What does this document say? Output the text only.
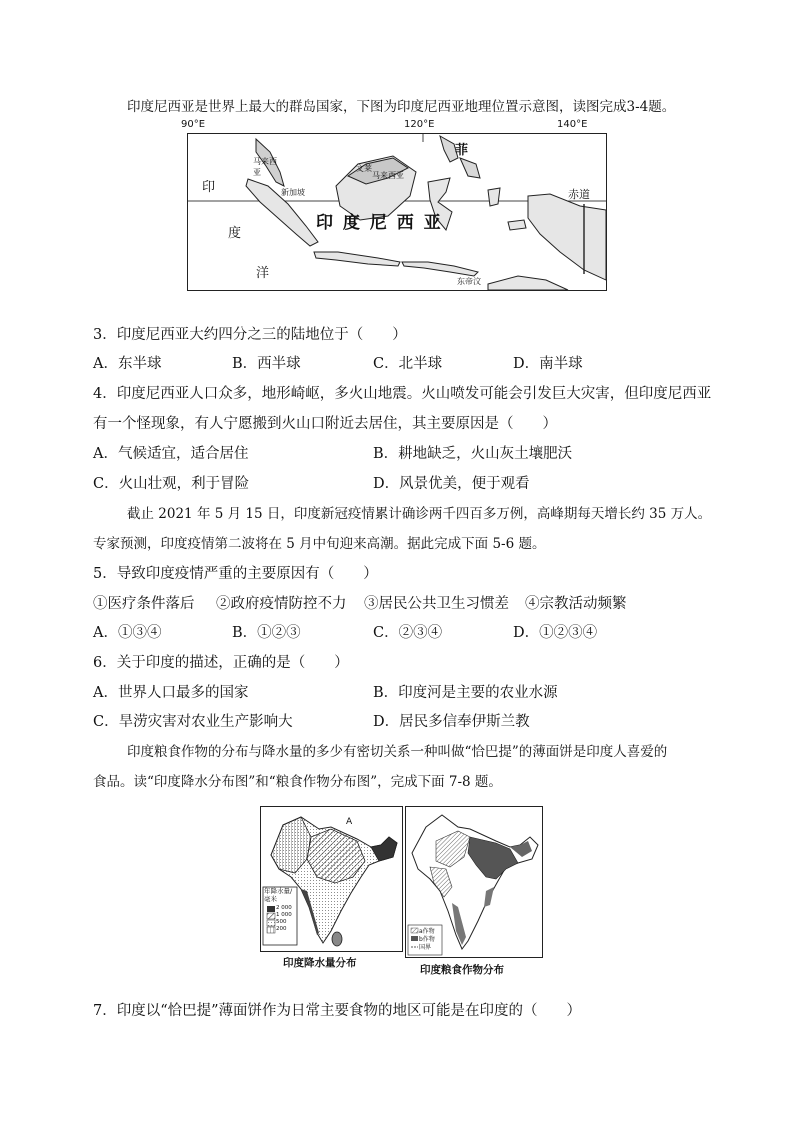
印度尼西亚是世界上最大的群岛国家，下图为印度尼西亚地理位置示意图，读图完成3-4题。
90°E	120°E	140°E
赤道
印 度 尼 西 亚
印
度
洋
马来西亚
新加坡
文莱
马来西亚
东帝汶
菲
3．印度尼西亚大约四分之三的陆地位于（　　）
A．东半球	B．西半球	C．北半球	D．南半球
4．印度尼西亚人口众多，地形崎岖，多火山地震。火山喷发可能会引发巨大灾害，但印度尼西亚
有一个怪现象，有人宁愿搬到火山口附近去居住，其主要原因是（　　）
A．气候适宜，适合居住	B．耕地缺乏，火山灰土壤肥沃
C．火山壮观，利于冒险	D．风景优美，便于观看
截止 2021 年 5 月 15 日，印度新冠疫情累计确诊两千四百多万例，高峰期每天增长约 35 万人。
专家预测，印度疫情第二波将在 5 月中旬迎来高潮。据此完成下面 5-6 题。
5．导致印度疫情严重的主要原因有（　　）
①医疗条件落后 ②政府疫情防控不力 ③居民公共卫生习惯差 ④宗教活动频繁
A．①③④	B．①②③	C．②③④	D．①②③④
6．关于印度的描述，正确的是（　　）
A．世界人口最多的国家	B．印度河是主要的农业水源
C．旱涝灾害对农业生产影响大	D．居民多信奉伊斯兰教
印度粮食作物的分布与降水量的多少有密切关系一种叫做“恰巴提”的薄面饼是印度人喜爱的
食品。读“印度降水分布图”和“粮食作物分布图”，完成下面 7-8 题。
A
年降水量/毫米
2 000
1 000
500
200
印度降水量分布
a作物
b作物
国界
印度粮食作物分布
7．印度以“恰巴提”薄面饼作为日常主要食物的地区可能是在印度的（　　）
